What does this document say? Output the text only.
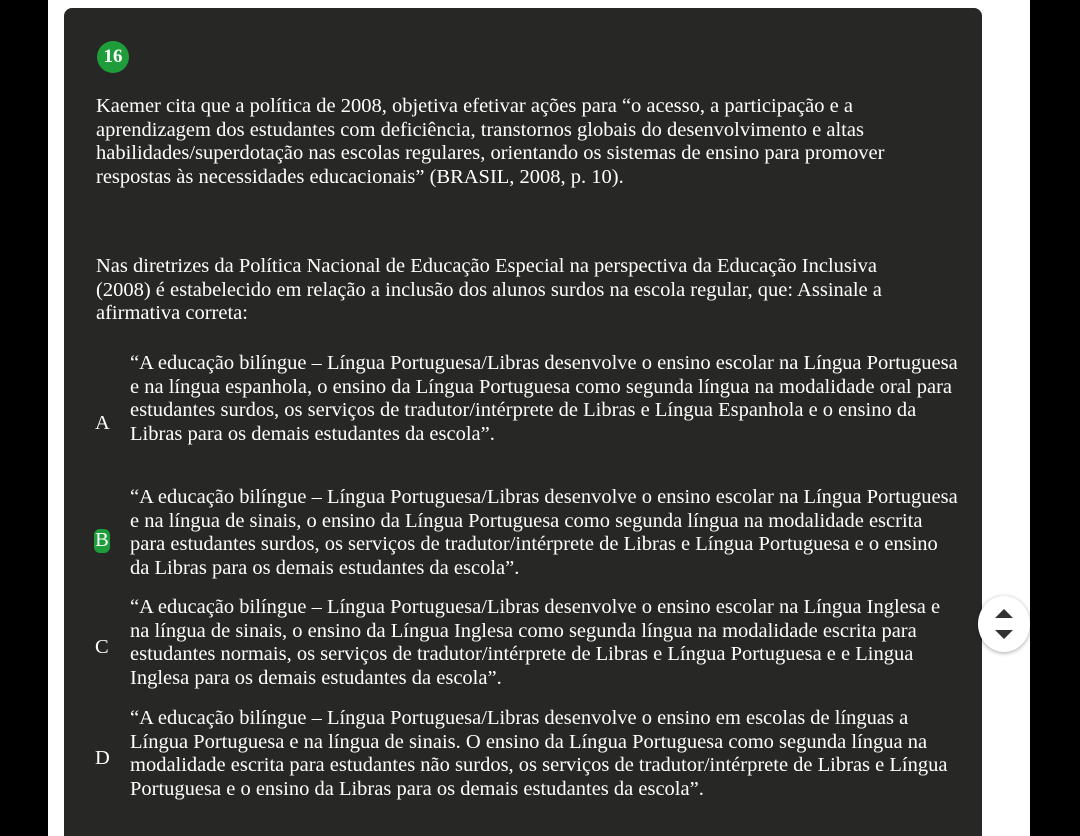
16
Kaemer cita que a política de 2008, objetiva efetivar ações para “o acesso, a participação e a aprendizagem dos estudantes com deficiência, transtornos globais do desenvolvimento e altas habilidades/superdotação nas escolas regulares, orientando os sistemas de ensino para promover respostas às necessidades educacionais” (BRASIL, 2008, p. 10).
Nas diretrizes da Política Nacional de Educação Especial na perspectiva da Educação Inclusiva (2008) é estabelecido em relação a inclusão dos alunos surdos na escola regular, que: Assinale a afirmativa correta:
A
“A educação bilíngue – Língua Portuguesa/Libras desenvolve o ensino escolar na Língua Portuguesa e na língua espanhola, o ensino da Língua Portuguesa como segunda língua na modalidade oral para estudantes surdos, os serviços de tradutor/intérprete de Libras e Língua Espanhola e o ensino da Libras para os demais estudantes da escola”.
B
“A educação bilíngue – Língua Portuguesa/Libras desenvolve o ensino escolar na Língua Portuguesa e na língua de sinais, o ensino da Língua Portuguesa como segunda língua na modalidade escrita para estudantes surdos, os serviços de tradutor/intérprete de Libras e Língua Portuguesa e o ensino da Libras para os demais estudantes da escola”.
C
“A educação bilíngue – Língua Portuguesa/Libras desenvolve o ensino escolar na Língua Inglesa e na língua de sinais, o ensino da Língua Inglesa como segunda língua na modalidade escrita para estudantes normais, os serviços de tradutor/intérprete de Libras e Língua Portuguesa e e Lingua Inglesa para os demais estudantes da escola”.
D
“A educação bilíngue – Língua Portuguesa/Libras desenvolve o ensino em escolas de línguas a Língua Portuguesa e na língua de sinais. O ensino da Língua Portuguesa como segunda língua na modalidade escrita para estudantes não surdos, os serviços de tradutor/intérprete de Libras e Língua Portuguesa e o ensino da Libras para os demais estudantes da escola”.
